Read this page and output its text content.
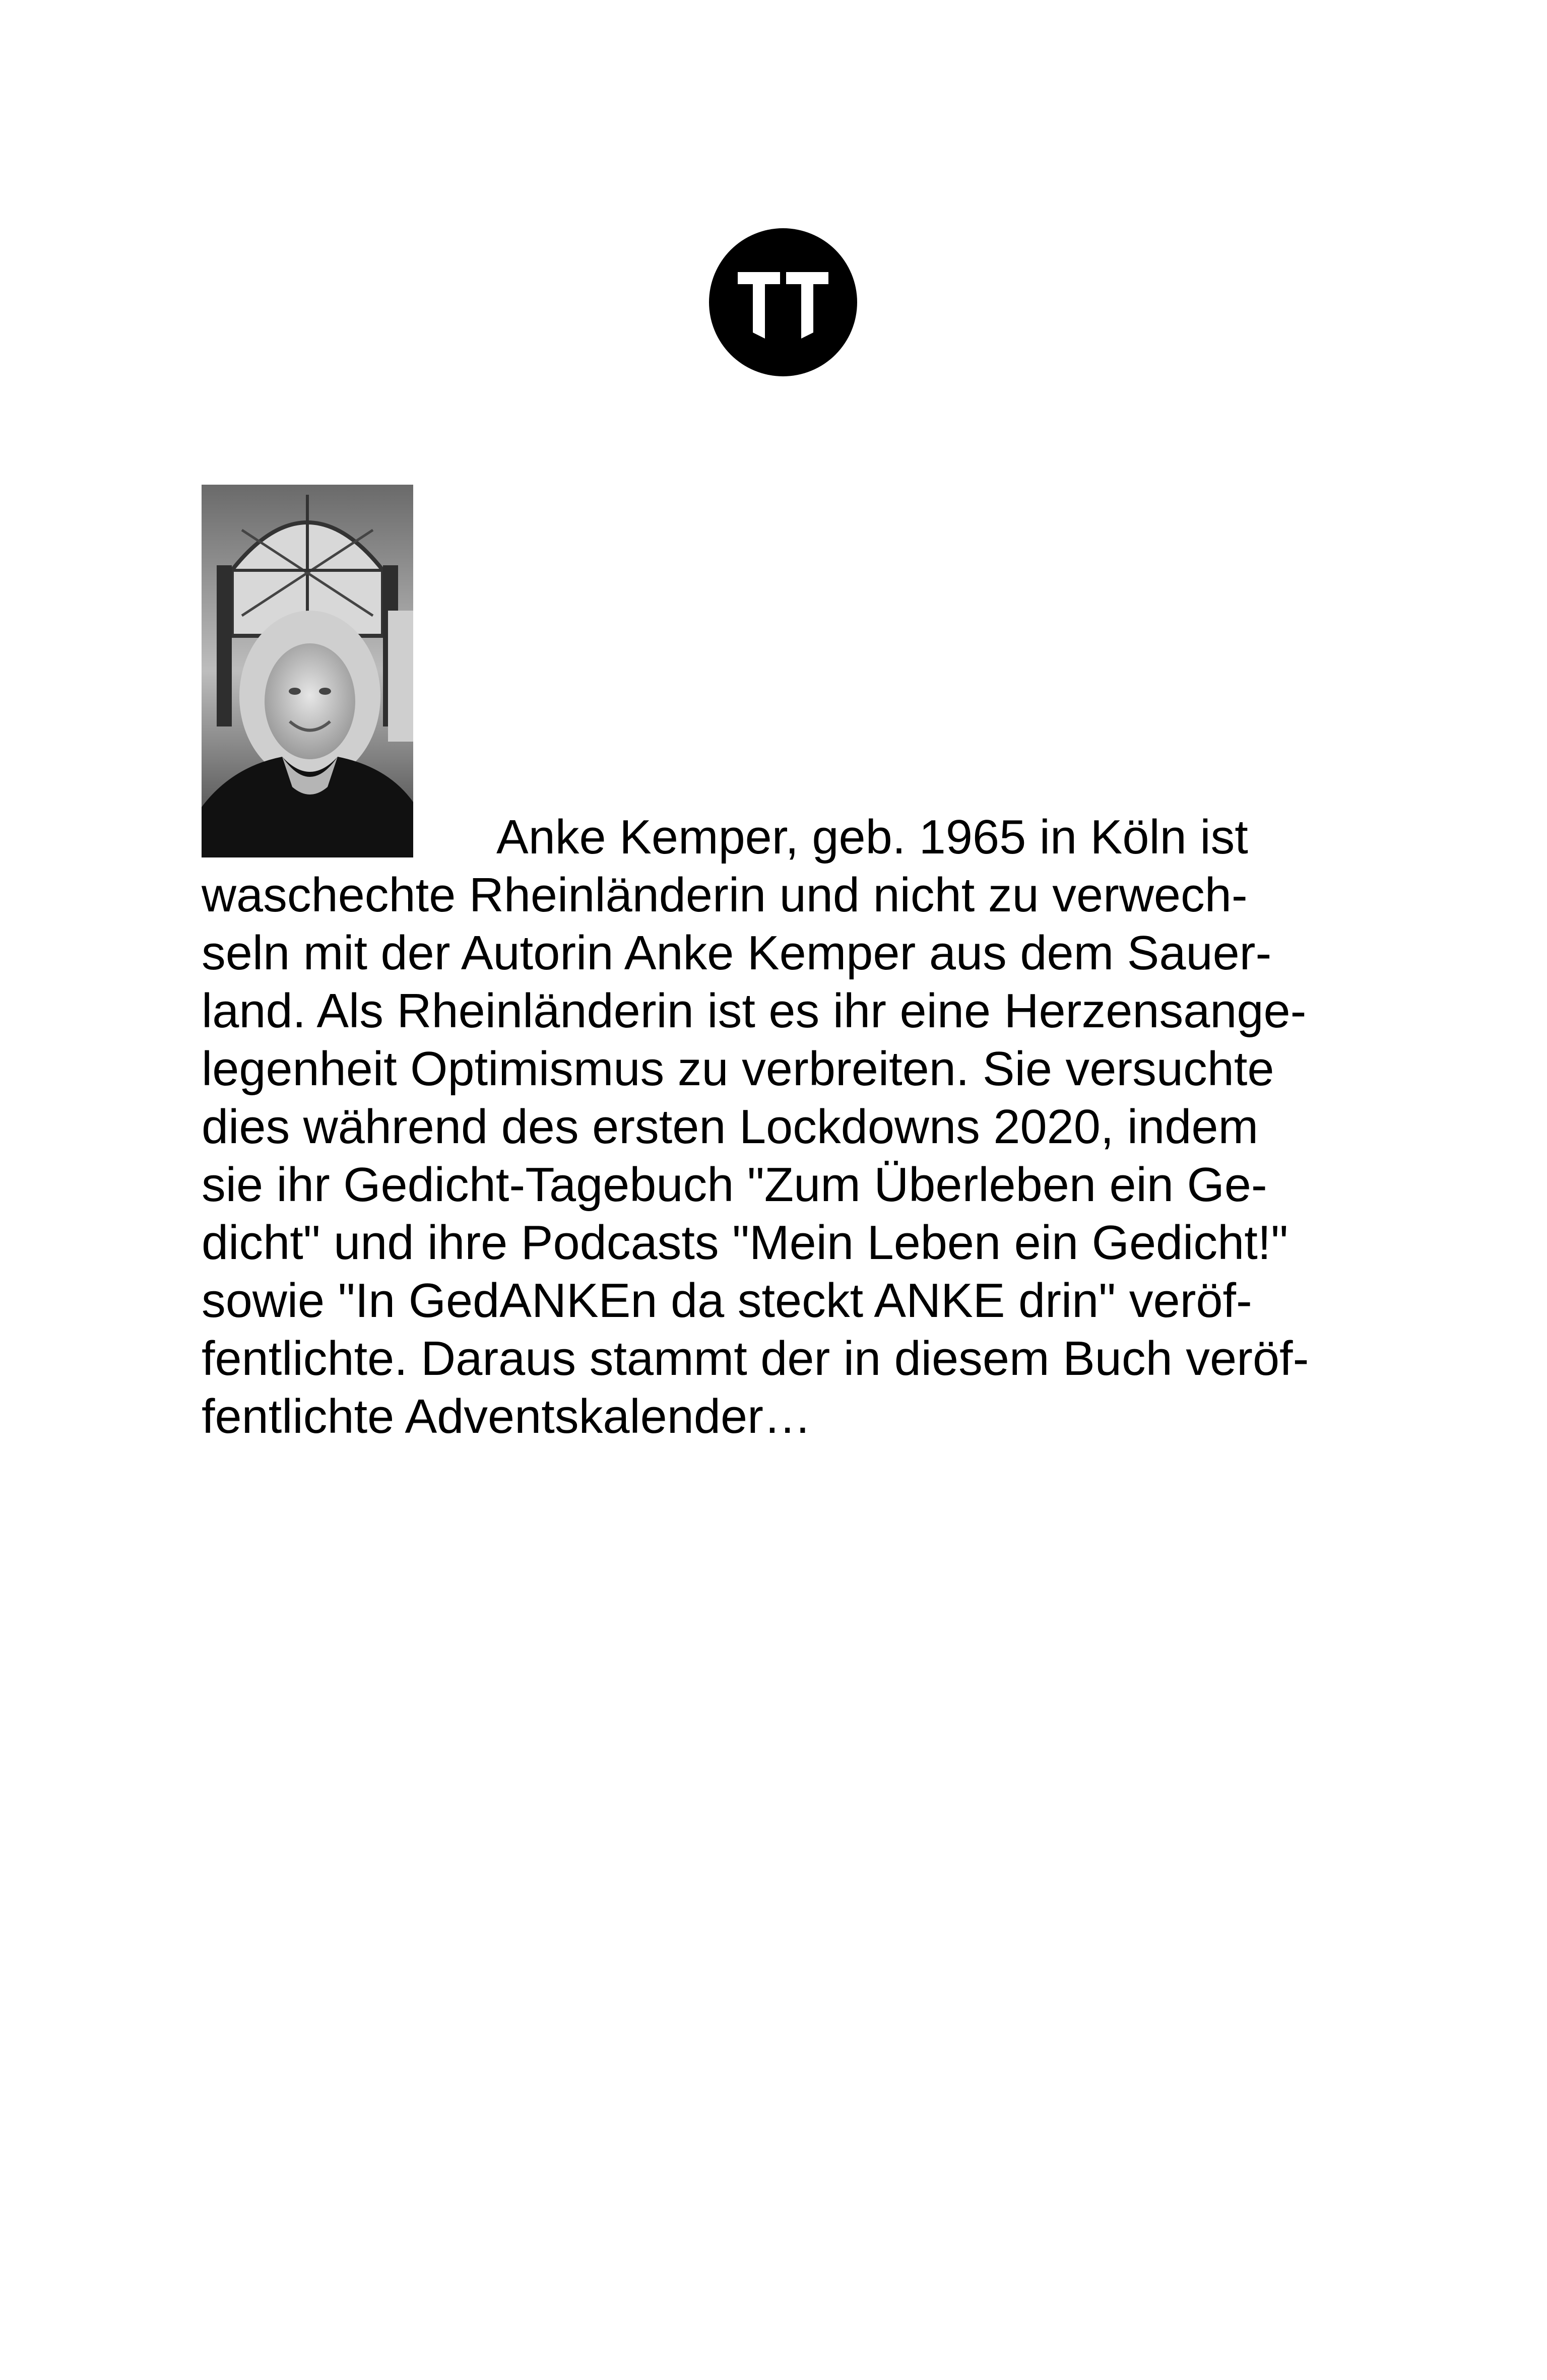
Anke Kemper, geb. 1965 in Köln ist
waschechte Rheinländerin und nicht zu verwech-
seln mit der Autorin Anke Kemper aus dem Sauer-
land. Als Rheinländerin ist es ihr eine Herzensange-
legenheit Optimismus zu verbreiten. Sie versuchte
dies während des ersten Lockdowns 2020, indem
sie ihr Gedicht-Tagebuch "Zum Überleben ein Ge-
dicht" und ihre Podcasts "Mein Leben ein Gedicht!"
sowie "In GedANKEn da steckt ANKE drin" veröf-
fentlichte. Daraus stammt der in diesem Buch veröf-
fentlichte Adventskalender…
